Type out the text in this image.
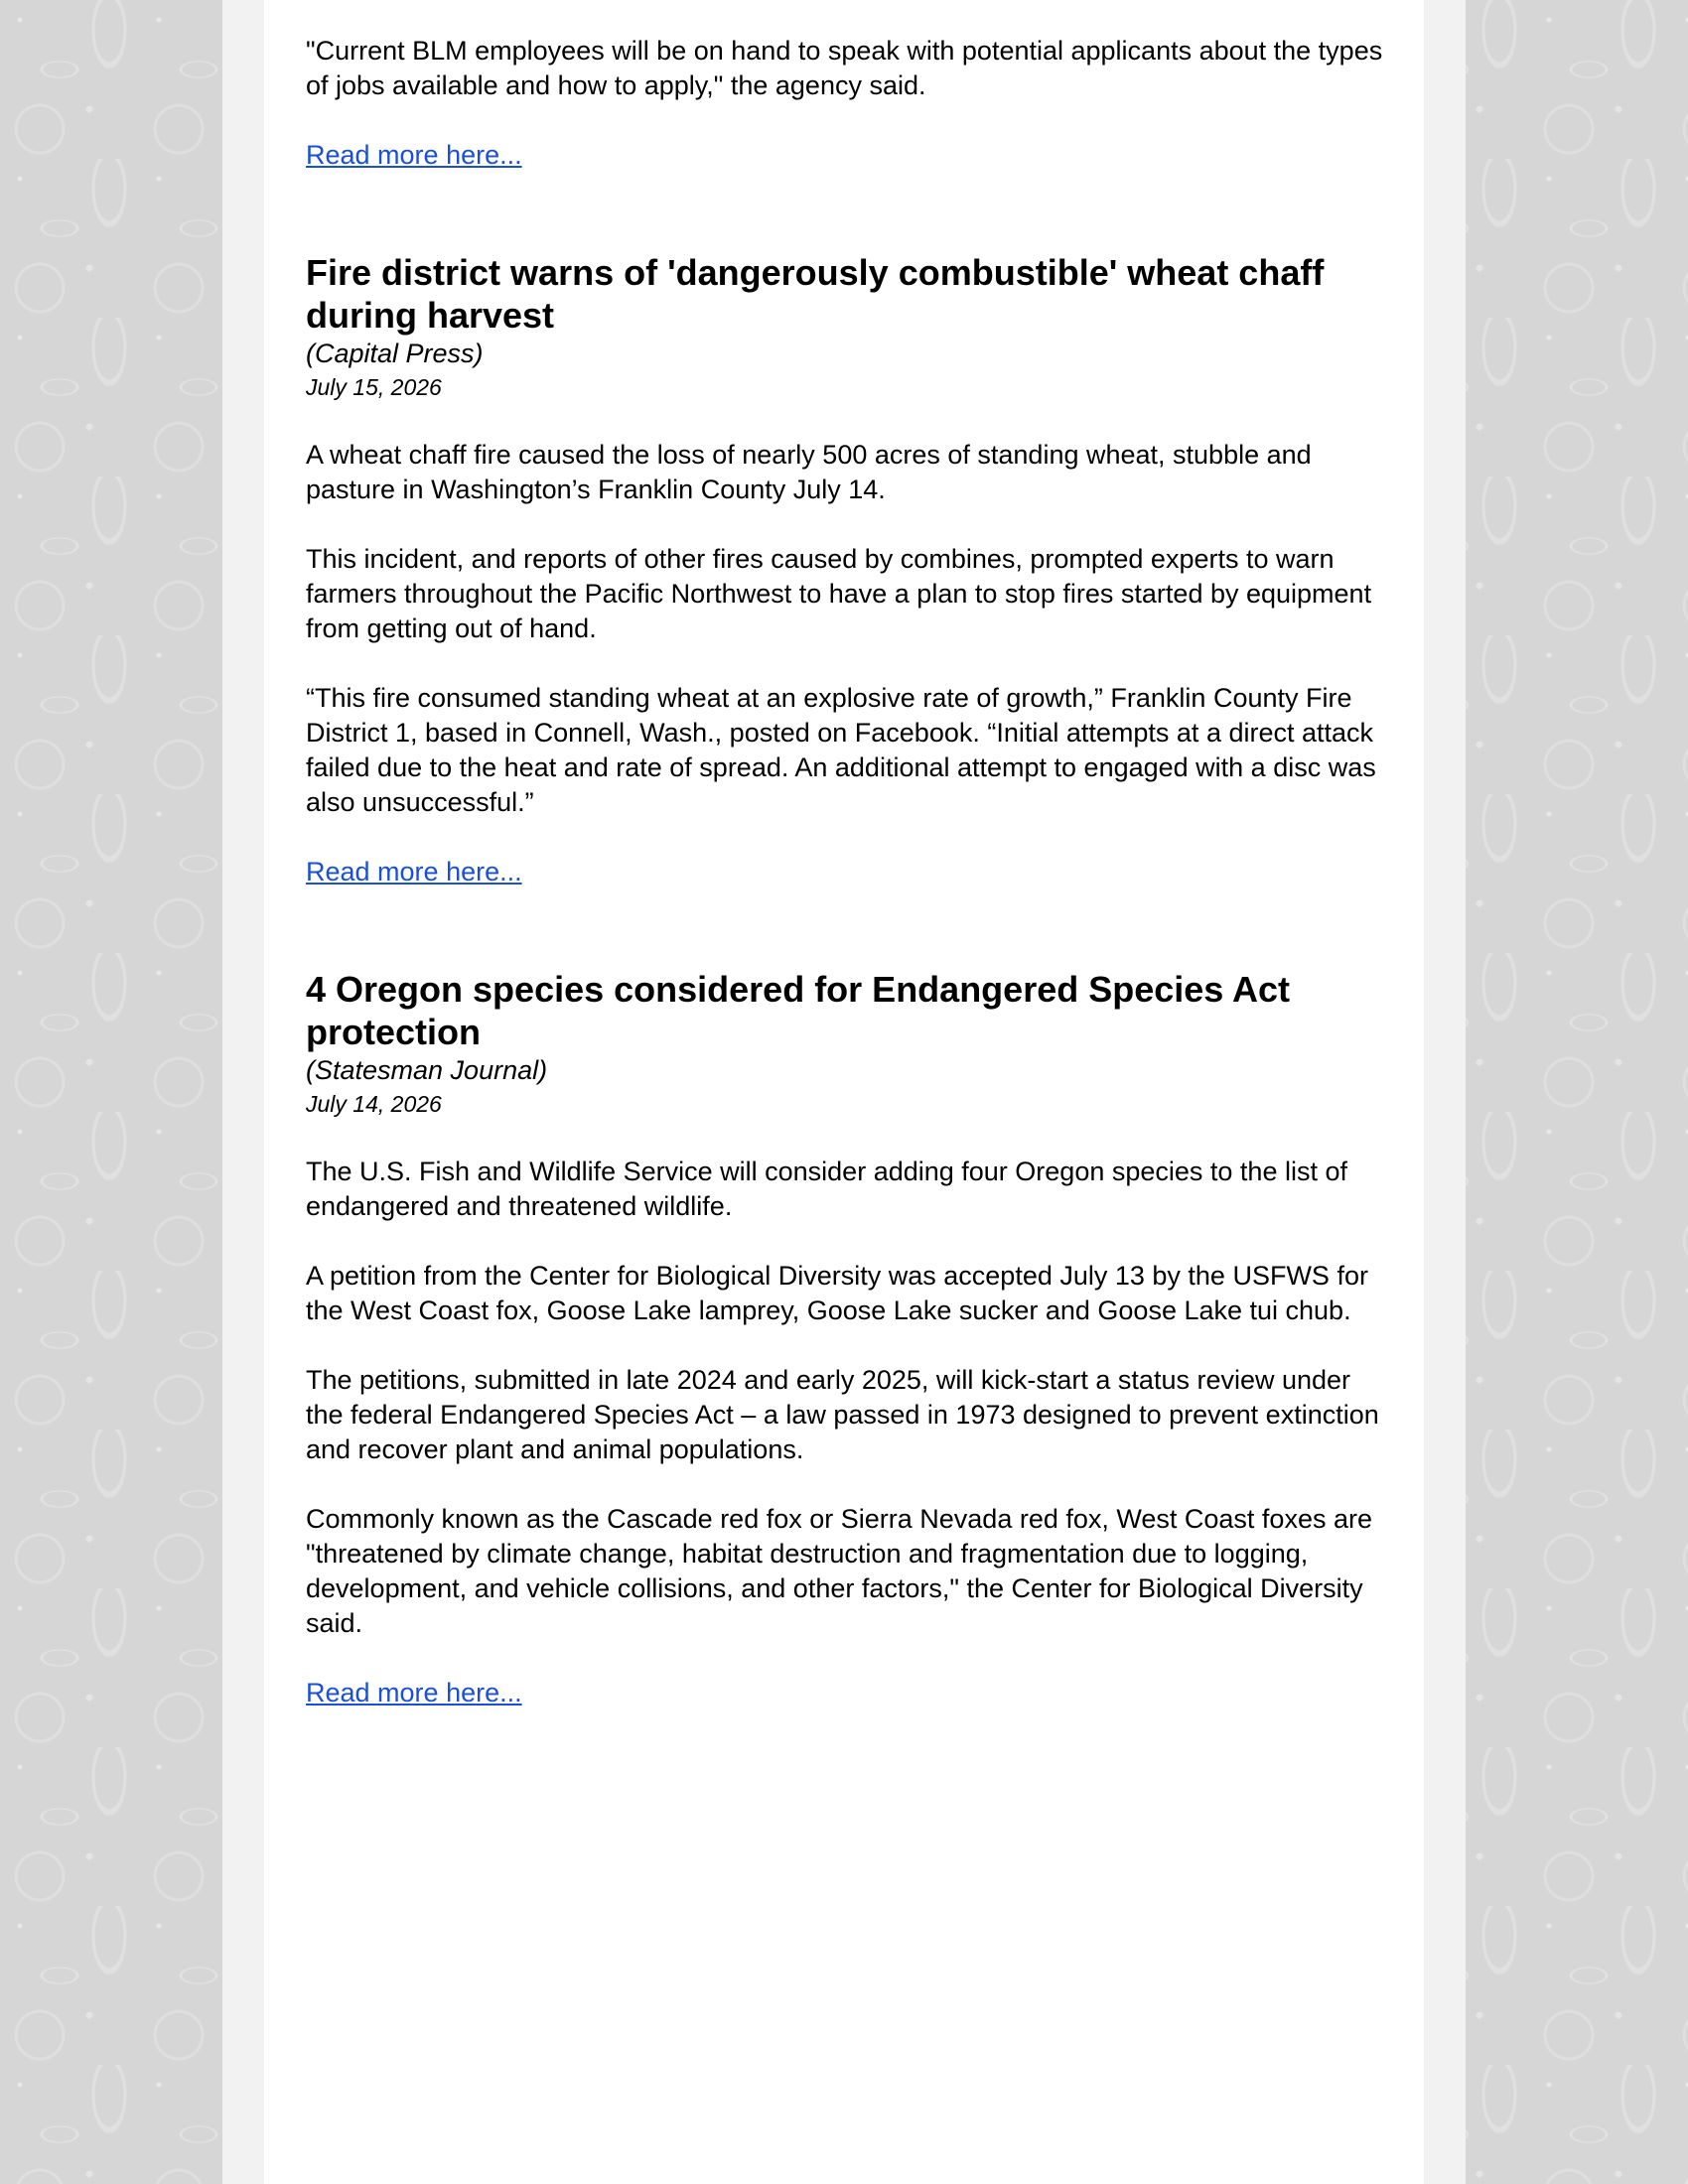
"Current BLM employees will be on hand to speak with potential applicants about the types of jobs available and how to apply," the agency said.

Read more here...
Fire district warns of 'dangerously combustible' wheat chaff during harvest
(Capital Press)
July 15, 2026

A wheat chaff fire caused the loss of nearly 500 acres of standing wheat, stubble and pasture in Washington’s Franklin County July 14.

This incident, and reports of other fires caused by combines, prompted experts to warn farmers throughout the Pacific Northwest to have a plan to stop fires started by equipment from getting out of hand.

“This fire consumed standing wheat at an explosive rate of growth,” Franklin County Fire District 1, based in Connell, Wash., posted on Facebook. “Initial attempts at a direct attack failed due to the heat and rate of spread. An additional attempt to engaged with a disc was also unsuccessful.”

Read more here...
4 Oregon species considered for Endangered Species Act protection
(Statesman Journal)
July 14, 2026

The U.S. Fish and Wildlife Service will consider adding four Oregon species to the list of endangered and threatened wildlife.

A petition from the Center for Biological Diversity was accepted July 13 by the USFWS for the West Coast fox, Goose Lake lamprey, Goose Lake sucker and Goose Lake tui chub.

The petitions, submitted in late 2024 and early 2025, will kick-start a status review under the federal Endangered Species Act – a law passed in 1973 designed to prevent extinction and recover plant and animal populations.

Commonly known as the Cascade red fox or Sierra Nevada red fox, West Coast foxes are "threatened by climate change, habitat destruction and fragmentation due to logging, development, and vehicle collisions, and other factors," the Center for Biological Diversity said.

Read more here...
